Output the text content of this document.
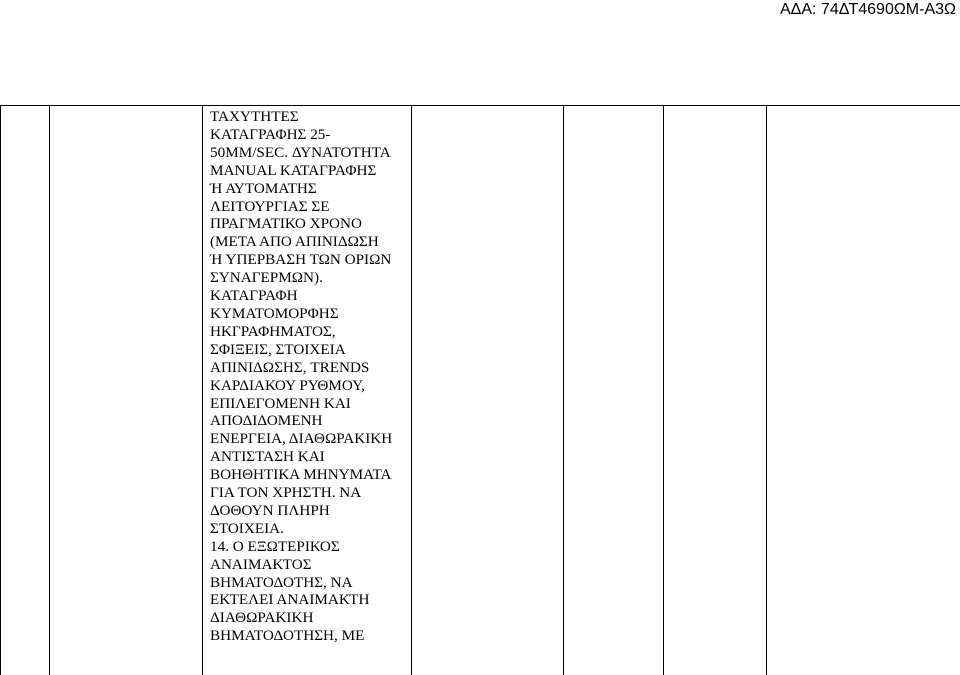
ΑΔΑ: 74ΔΤ4690ΩΜ-Α3Ω

ΤΑΧΥΤΗΤΕΣ
ΚΑΤΑΓΡΑΦΗΣ 25-
50MM/SEC. ΔΥΝΑΤΟΤΗΤΑ
MANUAL ΚΑΤΑΓΡΑΦΗΣ
Ή ΑΥΤΟΜΑΤΗΣ
ΛΕΙΤΟΥΡΓΙΑΣ ΣΕ
ΠΡΑΓΜΑΤΙΚΟ ΧΡΟΝΟ
(ΜΕΤΑ ΑΠΟ ΑΠΙΝΙΔΩΣΗ
Ή ΥΠΕΡΒΑΣΗ ΤΩΝ ΟΡΙΩΝ
ΣΥΝΑΓΕΡΜΩΝ).
ΚΑΤΑΓΡΑΦΗ
ΚΥΜΑΤΟΜΟΡΦΗΣ
ΗΚΓΡΑΦΗΜΑΤΟΣ,
ΣΦΙΞΕΙΣ, ΣΤΟΙΧΕΙΑ
ΑΠΙΝΙΔΩΣΗΣ, TRENDS
ΚΑΡΔΙΑΚΟΥ ΡΥΘΜΟΥ,
ΕΠΙΛΕΓΟΜΕΝΗ ΚΑΙ
ΑΠΟΔΙΔΟΜΕΝΗ
ΕΝΕΡΓΕΙΑ, ΔΙΑΘΩΡΑΚΙΚΗ
ΑΝΤΙΣΤΑΣΗ ΚΑΙ
ΒΟΗΘΗΤΙΚΑ ΜΗΝΥΜΑΤΑ
ΓΙΑ ΤΟΝ ΧΡΗΣΤΗ. ΝΑ
ΔΟΘΟΥΝ ΠΛΗΡΗ
ΣΤΟΙΧΕΙΑ.
14. Ο ΕΞΩΤΕΡΙΚΟΣ
ΑΝΑΙΜΑΚΤΟΣ
ΒΗΜΑΤΟΔΟΤΗΣ, ΝΑ
ΕΚΤΕΛΕΙ ΑΝΑΙΜΑΚΤΗ
ΔΙΑΘΩΡΑΚΙΚΗ
ΒΗΜΑΤΟΔΟΤΗΣΗ, ΜΕ
